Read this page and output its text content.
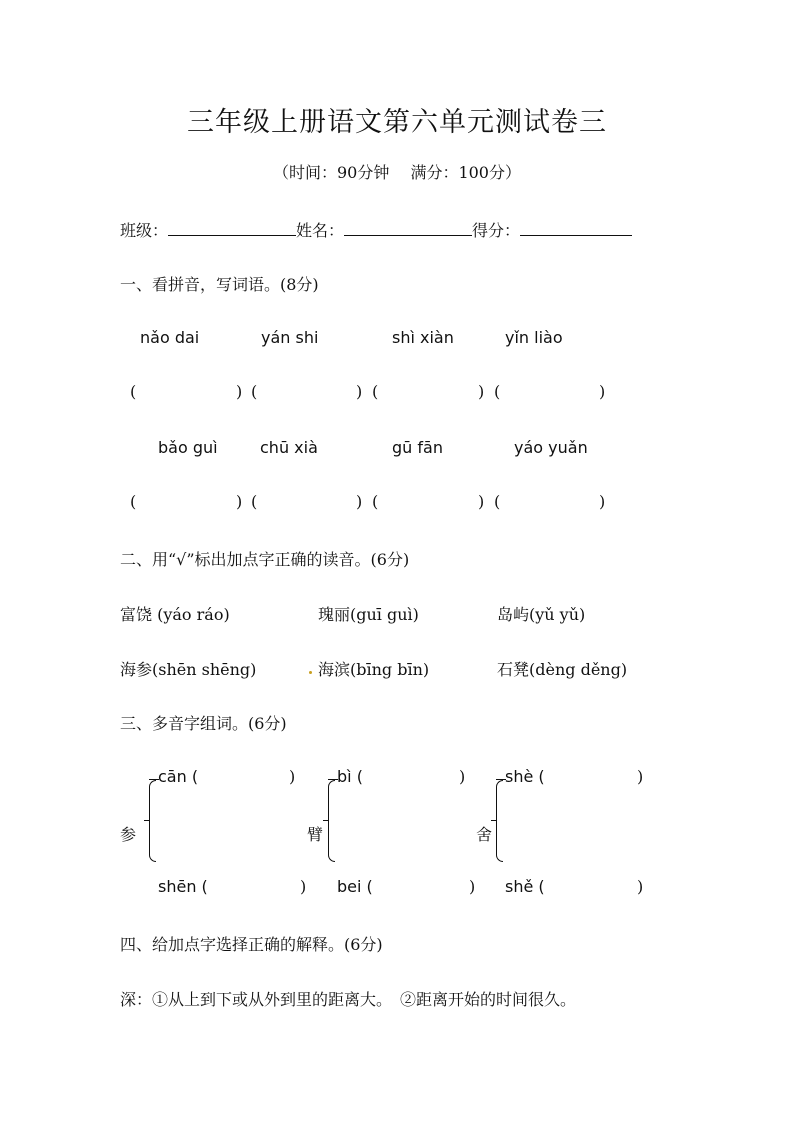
三年级上册语文第六单元测试卷三
（时间：90分钟　 满分：100分）
班级：	姓名：	得分：
一、看拼音，写词语。(8分)
nǎo dai	yán shi	shì xiàn	yǐn liào
(	) (	) (	) (	)
bǎo guì	chū xià	gū fān	yáo yuǎn
(	) (	) (	) (	)
二、用“√”标出加点字正确的读音。(6分)
富饶 (yáo ráo)	瑰丽(guī guì)	岛屿(yǔ yǔ)
海参(shēn shēng)	海滨(bīng bīn)	石凳(dèng děng)
三、多音字组词。(6分)
cān (	)
参
shēn (	)
bì (	)
臂
bei (	)
shè (	)
舍
shě (	)
四、给加点字选择正确的解释。(6分)
深：①从上到下或从外到里的距离大。　②距离开始的时间很久。
